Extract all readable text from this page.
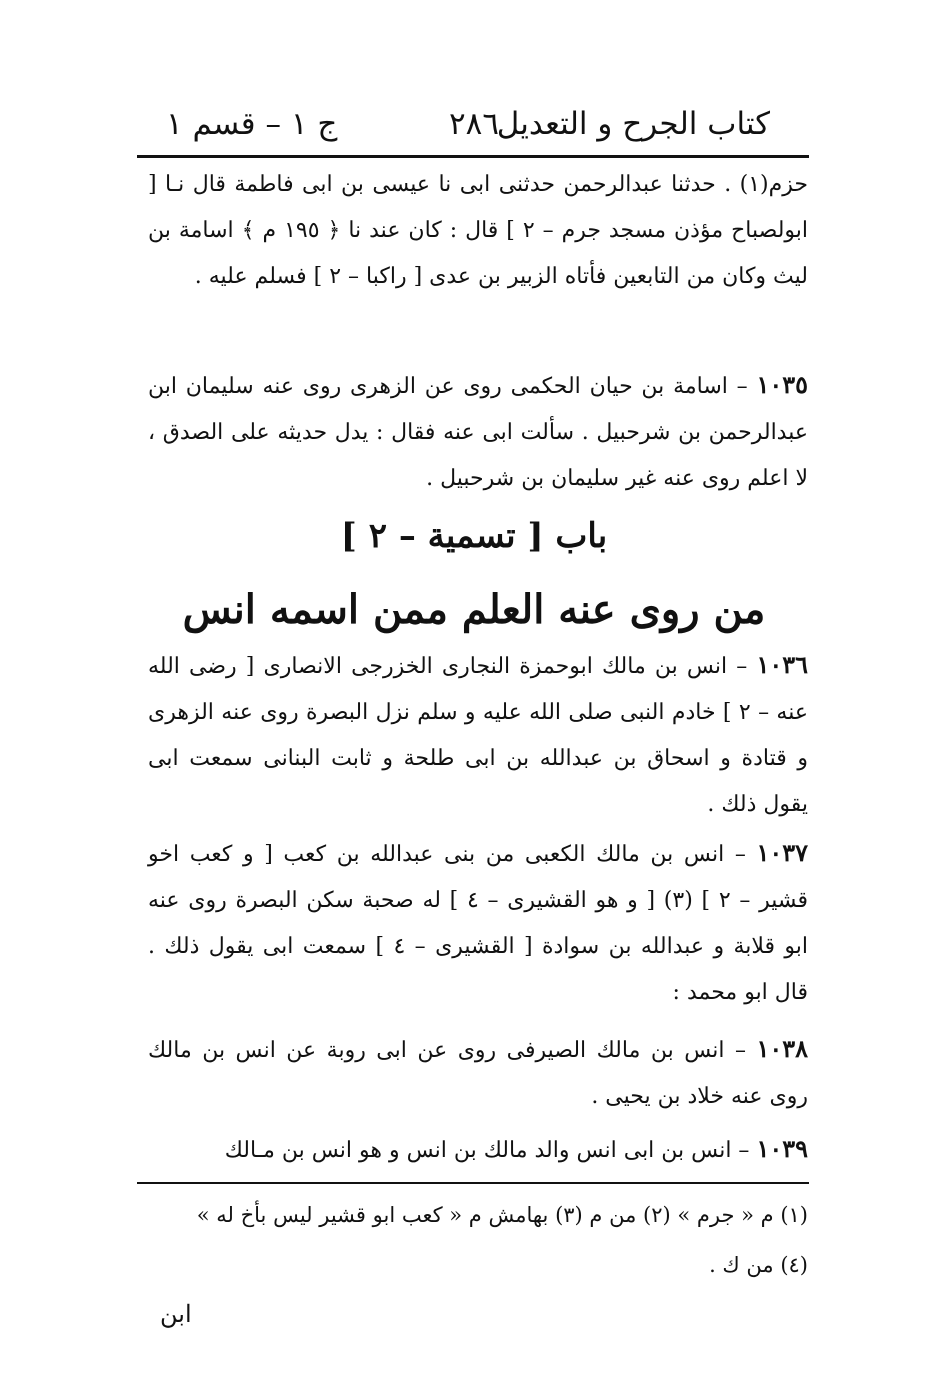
كتاب الجرح و التعديل
٢٨٦
ج ١ – قسم ١

حزم(١) . حدثنا عبدالرحمن حدثنى ابى نا عيسى بن ابى فاطمة قال نـا [ ابولصباح مؤذن مسجد جرم – ٢ ] قال : كان عند نا ﴿ ١٩٥ م ﴾ اسامة بن ليث وكان من التابعين فأتاه الزبير بن عدى [ راكبا – ٢ ] فسلم عليه .

١٠٣٥ – اسامة بن حيان الحكمى روى عن الزهرى روى عنه سليمان ابن عبدالرحمن بن شرحبيل . سألت ابى عنه فقال : يدل حديثه على الصدق ، لا اعلم روى عنه غير سليمان بن شرحبيل .

باب [ تسمية – ٢ ]
من روى عنه العلم ممن اسمه انس

١٠٣٦ – انس بن مالك ابوحمزة النجارى الخزرجى الانصارى [ رضى الله عنه – ٢ ] خادم النبى صلى الله عليه و سلم نزل البصرة روى عنه الزهرى و قتادة و اسحاق بن عبدالله بن ابى طلحة و ثابت البنانى سمعت ابى يقول ذلك .

١٠٣٧ – انس بن مالك الكعبى من بنى عبدالله بن كعب [ و كعب اخو قشير – ٢ ] (٣) [ و هو القشيرى – ٤ ] له صحبة سكن البصرة روى عنه ابو قلابة و عبدالله بن سوادة [ القشيرى – ٤ ] سمعت ابى يقول ذلك . قال ابو محمد :

١٠٣٨ – انس بن مالك الصيرفى روى عن ابى روبة عن انس بن مالك روى عنه خلاد بن يحيى .

١٠٣٩ – انس بن ابى انس والد مالك بن انس و هو انس بن مـالك

(١) م « جرم » (٢) من م (٣) بهامش م « كعب ابو قشير ليس بأخ له »
(٤) من ك .
ابن
